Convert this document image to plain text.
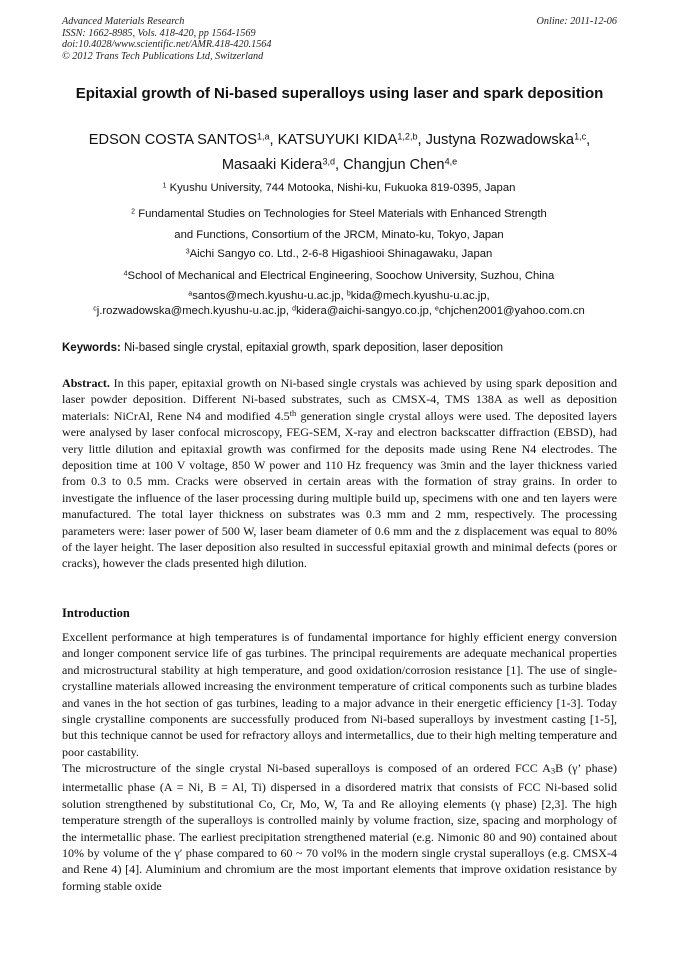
Advanced Materials Research
ISSN: 1662-8985, Vols. 418-420, pp 1564-1569
doi:10.4028/www.scientific.net/AMR.418-420.1564
© 2012 Trans Tech Publications Ltd, Switzerland
Online: 2011-12-06
Epitaxial growth of Ni-based superalloys using laser and spark deposition
EDSON COSTA SANTOS$^{1,a}$, KATSUYUKI KIDA$^{1,2,b}$, Justyna Rozwadowska$^{1,c}$,
Masaaki Kidera$^{3,d}$, Changjun Chen$^{4,e}$
$^1$ Kyushu University, 744 Motooka, Nishi-ku, Fukuoka 819-0395, Japan
$^2$ Fundamental Studies on Technologies for Steel Materials with Enhanced Strength
and Functions, Consortium of the JRCM, Minato-ku, Tokyo, Japan
$^3$Aichi Sangyo co. Ltd., 2-6-8 Higashiooi Shinagawaku, Japan
$^4$School of Mechanical and Electrical Engineering, Soochow University, Suzhou, China
$^a$santos@mech.kyushu-u.ac.jp, $^b$kida@mech.kyushu-u.ac.jp,
$^c$j.rozwadowska@mech.kyushu-u.ac.jp, $^d$kidera@aichi-sangyo.co.jp, $^e$chjchen2001@yahoo.com.cn
Keywords: Ni-based single crystal, epitaxial growth, spark deposition, laser deposition

Abstract. In this paper, epitaxial growth on Ni-based single crystals was achieved by using spark deposition and laser powder deposition. Different Ni-based substrates, such as CMSX-4, TMS 138A as well as deposition materials: NiCrAl, Rene N4 and modified 4.5th generation single crystal alloys were used. The deposited layers were analysed by laser confocal microscopy, FEG-SEM, X-ray and electron backscatter diffraction (EBSD), had very little dilution and epitaxial growth was confirmed for the deposits made using Rene N4 electrodes. The deposition time at 100 V voltage, 850 W power and 110 Hz frequency was 3min and the layer thickness varied from 0.3 to 0.5 mm. Cracks were observed in certain areas with the formation of stray grains. In order to investigate the influence of the laser processing during multiple build up, specimens with one and ten layers were manufactured. The total layer thickness on substrates was 0.3 mm and 2 mm, respectively. The processing parameters were: laser power of 500 W, laser beam diameter of 0.6 mm and the z displacement was equal to 80% of the layer height. The laser deposition also resulted in successful epitaxial growth and minimal defects (pores or cracks), however the clads presented high dilution.

Introduction

Excellent performance at high temperatures is of fundamental importance for highly efficient energy conversion and longer component service life of gas turbines. The principal requirements are adequate mechanical properties and microstructural stability at high temperature, and good oxidation/corrosion resistance [1]. The use of single-crystalline materials allowed increasing the environment temperature of critical components such as turbine blades and vanes in the hot section of gas turbines, leading to a major advance in their energetic efficiency [1-3]. Today single crystalline components are successfully produced from Ni-based superalloys by investment casting [1-5], but this technique cannot be used for refractory alloys and intermetallics, due to their high melting temperature and poor castability.

The microstructure of the single crystal Ni-based superalloys is composed of an ordered FCC A3B (γ’ phase) intermetallic phase (A = Ni, B = Al, Ti) dispersed in a disordered matrix that consists of FCC Ni-based solid solution strengthened by substitutional Co, Cr, Mo, W, Ta and Re alloying elements (γ phase) [2,3]. The high temperature strength of the superalloys is controlled mainly by volume fraction, size, spacing and morphology of the intermetallic phase. The earliest precipitation strengthened material (e.g. Nimonic 80 and 90) contained about 10% by volume of the γ′ phase compared to 60 ~ 70 vol% in the modern single crystal superalloys (e.g. CMSX-4 and Rene 4) [4]. Aluminium and chromium are the most important elements that improve oxidation resistance by forming stable oxide
